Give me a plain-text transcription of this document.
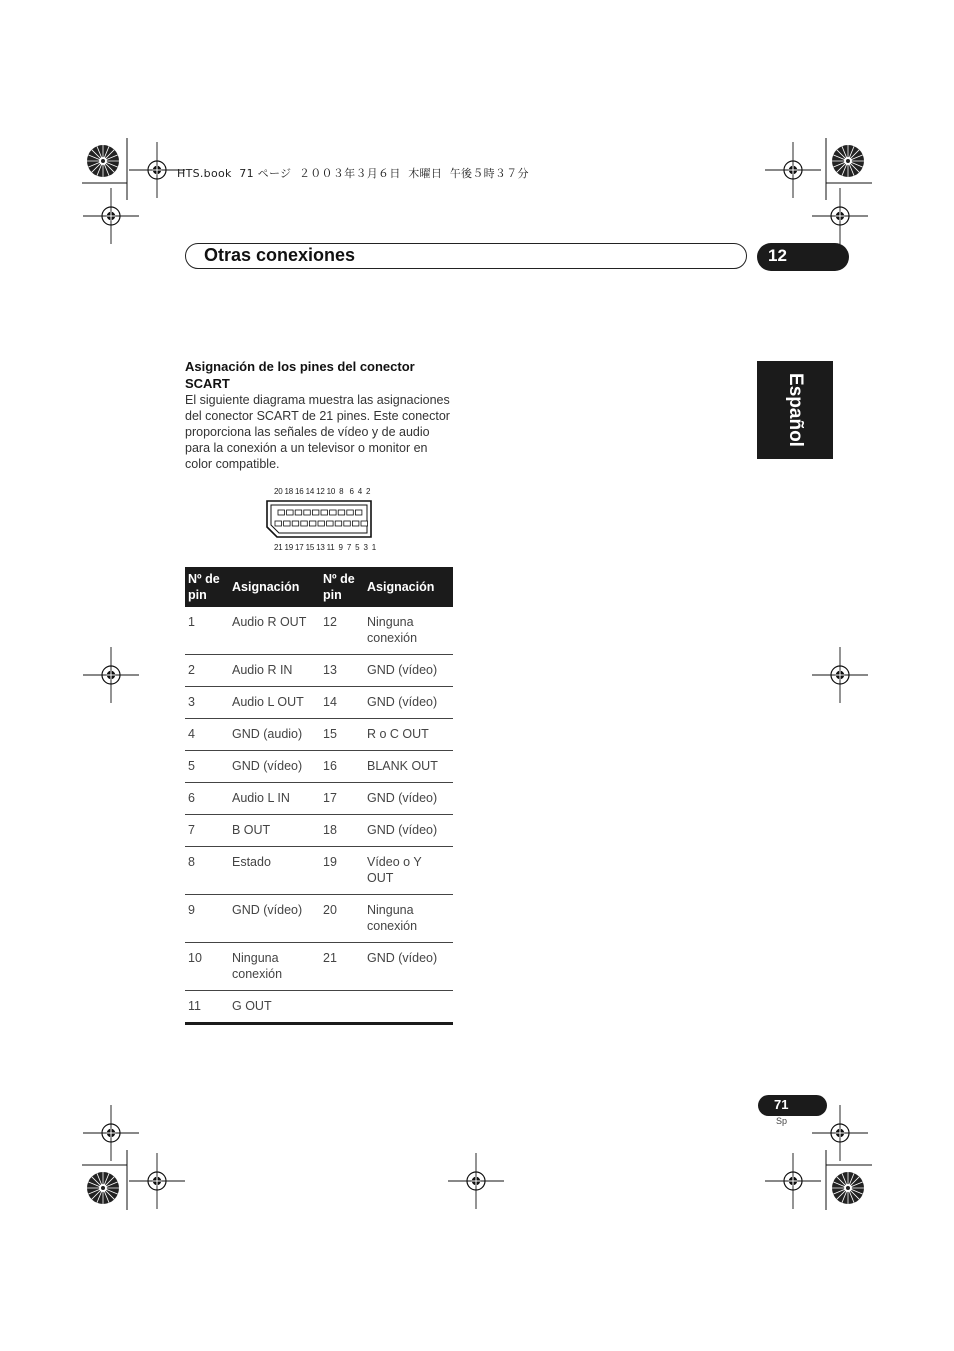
HTS.book  71 ページ  ２００３年３月６日  木曜日  午後５時３７分
Otras conexiones	12
Español
Asignación de los pines del conector SCART
El siguiente diagrama muestra las asignaciones del conector SCART de 21 pines. Este conector proporciona las señales de vídeo y de audio para la conexión a un televisor o monitor en color compatible.
20 18 16 14 12 10  8   6  4  2
21 19 17 15 13 11  9  7  5  3  1
Nº de pin	Asignación	Nº de pin	Asignación
1	Audio R OUT	12	Ninguna conexión
2	Audio R IN	13	GND (vídeo)
3	Audio L OUT	14	GND (vídeo)
4	GND (audio)	15	R o C OUT
5	GND (vídeo)	16	BLANK OUT
6	Audio L IN	17	GND (vídeo)
7	B OUT	18	GND (vídeo)
8	Estado	19	Vídeo o Y OUT
9	GND (vídeo)	20	Ninguna conexión
10	Ninguna conexión	21	GND (vídeo)
11	G OUT		
71
Sp
